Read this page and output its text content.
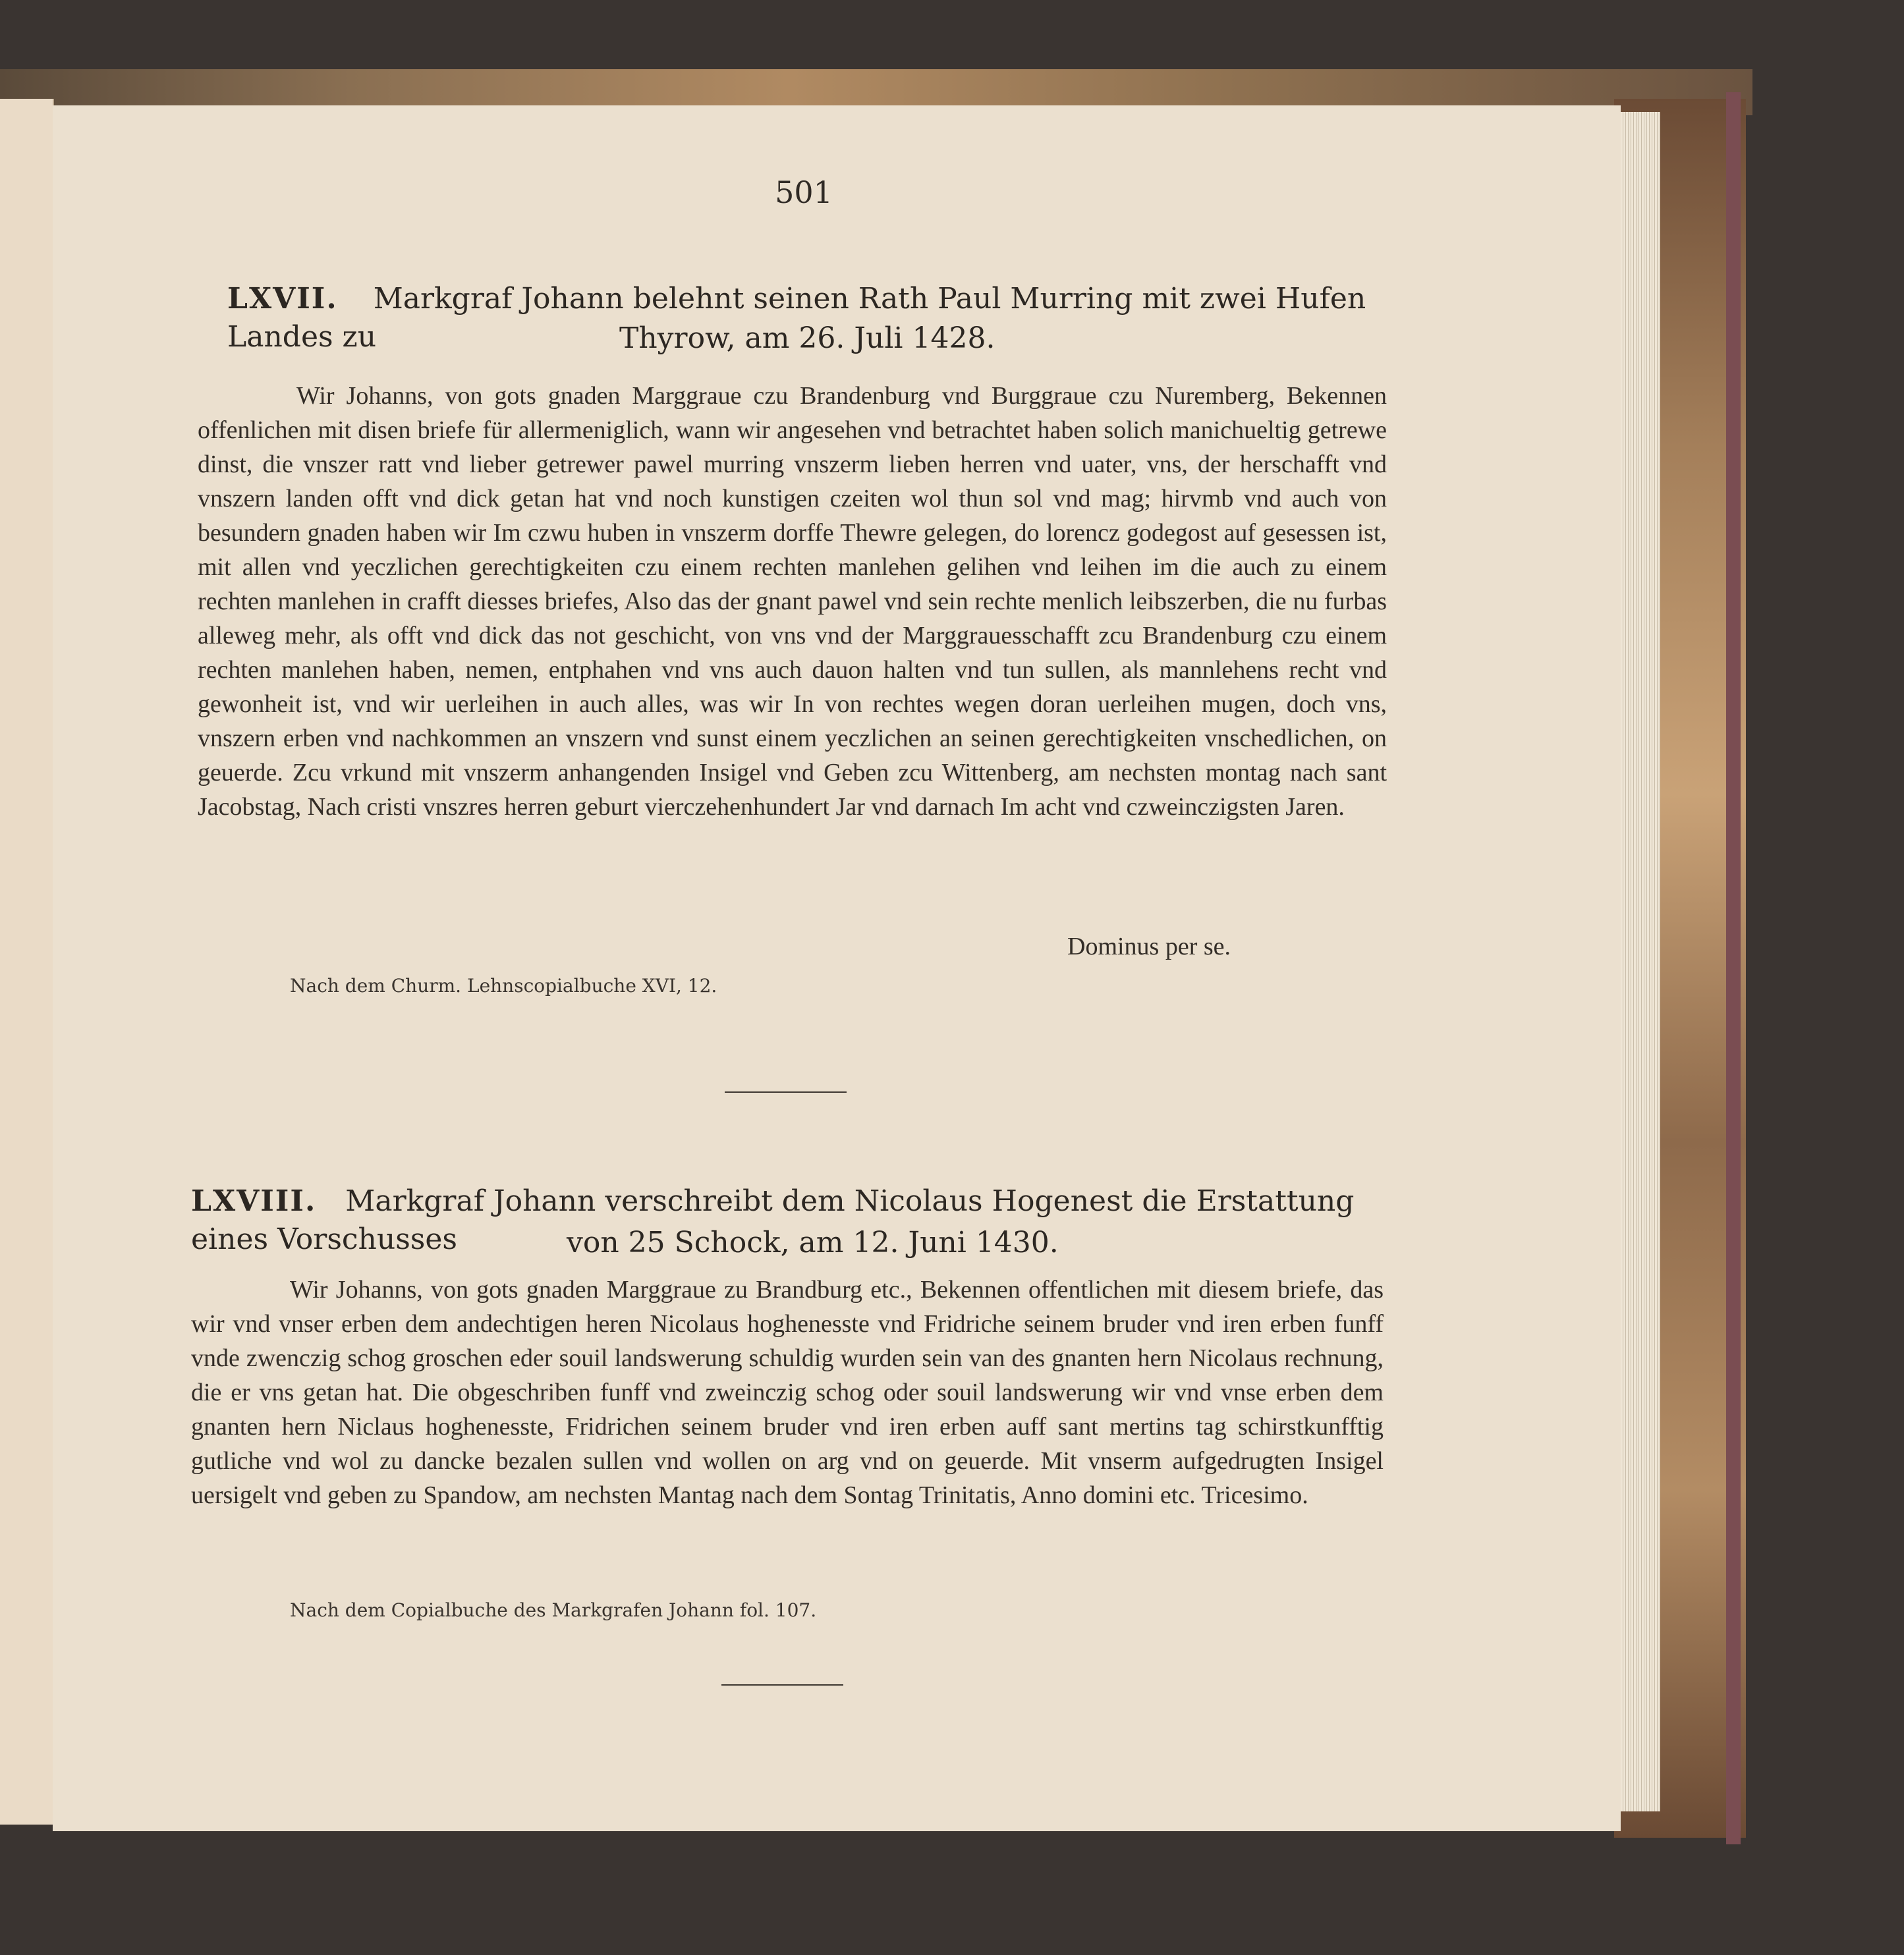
501
LXVII. Markgraf Johann belehnt seinen Rath Paul Murring mit zwei Hufen Landes zu	Thyrow, am 26. Juli 1428.

Wir Johanns, von gots gnaden Marggraue czu Brandenburg vnd Burggraue czu Nuremberg, Bekennen offenlichen mit disen briefe für allermeniglich, wann wir angesehen vnd betrachtet haben solich manichueltig getrewe dinst, die vnszer ratt vnd lieber getrewer pawel murring vnszerm lieben herren vnd uater, vns, der herschafft vnd vnszern landen offt vnd dick getan hat vnd noch kunstigen czeiten wol thun sol vnd mag; hirvmb vnd auch von besundern gnaden haben wir Im czwu huben in vnszerm dorffe Thewre gelegen, do lorencz godegost auf gesessen ist, mit allen vnd yeczlichen gerechtigkeiten czu einem rechten manlehen gelihen vnd leihen im die auch zu einem rechten manlehen in crafft diesses briefes, Also das der gnant pawel vnd sein rechte menlich leibszerben, die nu furbas alleweg mehr, als offt vnd dick das not geschicht, von vns vnd der Marggrauesschafft zcu Brandenburg czu einem rechten manlehen haben, nemen, entphahen vnd vns auch dauon halten vnd tun sullen, als mannlehens recht vnd gewonheit ist, vnd wir uerleihen in auch alles, was wir In von rechtes wegen doran uerleihen mugen, doch vns, vnszern erben vnd nachkommen an vnszern vnd sunst einem yeczlichen an seinen gerechtigkeiten vnschedlichen, on geuerde. Zcu vrkund mit vnszerm anhangenden Insigel vnd Geben zcu Wittenberg, am nechsten montag nach sant Jacobstag, Nach cristi vnszres herren geburt vierczehenhundert Jar vnd darnach Im acht vnd czweinczigsten Jaren.

Dominus per se.
Nach dem Churm. Lehnscopialbuche XVI, 12.
LXVIII. Markgraf Johann verschreibt dem Nicolaus Hogenest die Erstattung eines Vorschusses	von 25 Schock, am 12. Juni 1430.

Wir Johanns, von gots gnaden Marggraue zu Brandburg etc., Bekennen offentlichen mit diesem briefe, das wir vnd vnser erben dem andechtigen heren Nicolaus hoghenesste vnd Fridriche seinem bruder vnd iren erben funff vnde zwenczig schog groschen eder souil landswerung schuldig wurden sein van des gnanten hern Nicolaus rechnung, die er vns getan hat. Die obgeschriben funff vnd zweinczig schog oder souil landswerung wir vnd vnse erben dem gnanten hern Niclaus hoghenesste, Fridrichen seinem bruder vnd iren erben auff sant mertins tag schirstkunfftig gutliche vnd wol zu dancke bezalen sullen vnd wollen on arg vnd on geuerde. Mit vnserm aufgedrugten Insigel uersigelt vnd geben zu Spandow, am nechsten Mantag nach dem Sontag Trinitatis, Anno domini etc. Tricesimo.

Nach dem Copialbuche des Markgrafen Johann fol. 107.
